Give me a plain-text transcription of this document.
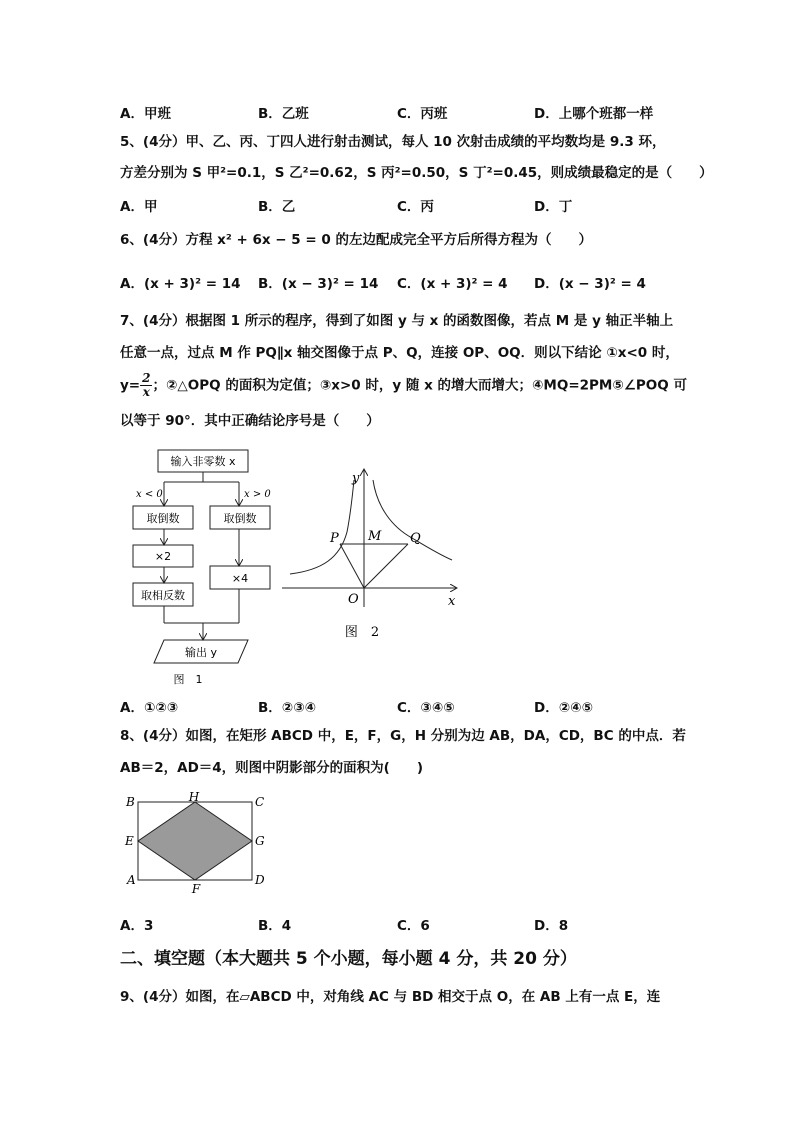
A．甲班	B．乙班	C．丙班	D．上哪个班都一样
5、(4分）甲、乙、丙、丁四人进行射击测试，每人 10 次射击成绩的平均数均是 9.3 环，
方差分别为 S 甲²=0.1，S 乙²=0.62，S 丙²=0.50，S 丁²=0.45，则成绩最稳定的是（　　）
A．甲	B．乙	C．丙	D．丁
6、(4分）方程 x² + 6x − 5 = 0 的左边配成完全平方后所得方程为（　　）
A．(x + 3)² = 14 B．(x − 3)² = 14 C．(x + 3)² = 4 D．(x − 3)² = 4
7、(4分）根据图 1 所示的程序，得到了如图 y 与 x 的函数图像，若点 M 是 y 轴正半轴上
任意一点，过点 M 作 PQ∥x 轴交图像于点 P、Q，连接 OP、OQ．则以下结论 ①x<0 时，
$y= \frac{2}{x}$ ；②△OPQ 的面积为定值；③x>0 时，y 随 x 的增大而增大；④MQ=2PM⑤∠POQ 可
以等于 90°．其中正确结论序号是（　　）
输入非零数 x
x < 0	x > 0
取倒数	取倒数
×2
×4
取相反数
输出 y
图　1
y
x
P M Q
O
图　2
A．①②③	B．②③④	C．③④⑤	D．②④⑤
8、(4分）如图，在矩形 ABCD 中，E，F，G，H 分别为边 AB，DA，CD，BC 的中点．若
AB＝2，AD＝4，则图中阴影部分的面积为(　　)
B	H	C
E	G
A
F
D
A．3	B．4	C．6	D．8
二、填空题（本大题共 5 个小题，每小题 4 分，共 20 分）
9、(4分）如图，在▱ABCD 中，对角线 AC 与 BD 相交于点 O，在 AB 上有一点 E，连
